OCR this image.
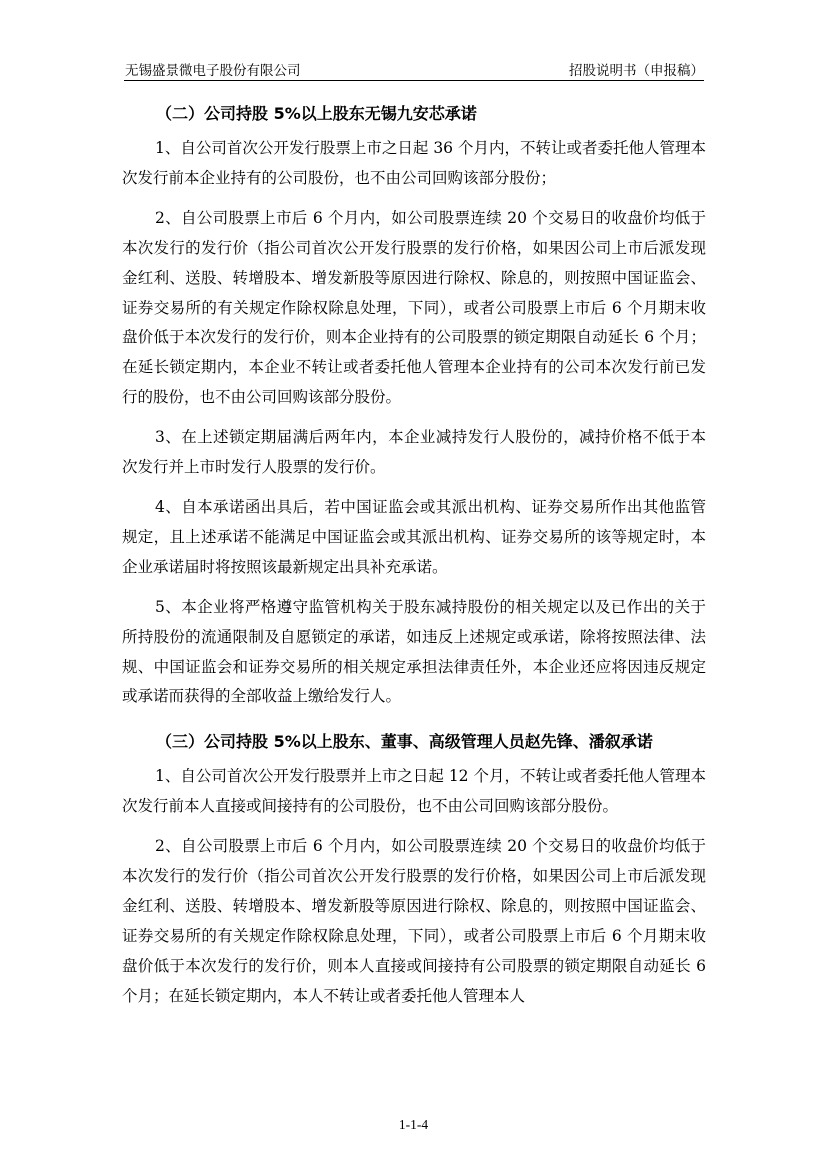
无锡盛景微电子股份有限公司	招股说明书（申报稿）
（二）公司持股 5%以上股东无锡九安芯承诺

1、自公司首次公开发行股票上市之日起 36 个月内，不转让或者委托他人管理本次发行前本企业持有的公司股份，也不由公司回购该部分股份；

2、自公司股票上市后 6 个月内，如公司股票连续 20 个交易日的收盘价均低于本次发行的发行价（指公司首次公开发行股票的发行价格，如果因公司上市后派发现金红利、送股、转增股本、增发新股等原因进行除权、除息的，则按照中国证监会、证券交易所的有关规定作除权除息处理，下同），或者公司股票上市后 6 个月期末收盘价低于本次发行的发行价，则本企业持有的公司股票的锁定期限自动延长 6 个月；在延长锁定期内，本企业不转让或者委托他人管理本企业持有的公司本次发行前已发行的股份，也不由公司回购该部分股份。

3、在上述锁定期届满后两年内，本企业减持发行人股份的，减持价格不低于本次发行并上市时发行人股票的发行价。

4、自本承诺函出具后，若中国证监会或其派出机构、证券交易所作出其他监管规定，且上述承诺不能满足中国证监会或其派出机构、证券交易所的该等规定时，本企业承诺届时将按照该最新规定出具补充承诺。

5、本企业将严格遵守监管机构关于股东减持股份的相关规定以及已作出的关于所持股份的流通限制及自愿锁定的承诺，如违反上述规定或承诺，除将按照法律、法规、中国证监会和证券交易所的相关规定承担法律责任外，本企业还应将因违反规定或承诺而获得的全部收益上缴给发行人。

（三）公司持股 5%以上股东、董事、高级管理人员赵先锋、潘叙承诺

1、自公司首次公开发行股票并上市之日起 12 个月，不转让或者委托他人管理本次发行前本人直接或间接持有的公司股份，也不由公司回购该部分股份。

2、自公司股票上市后 6 个月内，如公司股票连续 20 个交易日的收盘价均低于本次发行的发行价（指公司首次公开发行股票的发行价格，如果因公司上市后派发现金红利、送股、转增股本、增发新股等原因进行除权、除息的，则按照中国证监会、证券交易所的有关规定作除权除息处理，下同），或者公司股票上市后 6 个月期末收盘价低于本次发行的发行价，则本人直接或间接持有公司股票的锁定期限自动延长 6 个月；在延长锁定期内，本人不转让或者委托他人管理本人

1-1-4
